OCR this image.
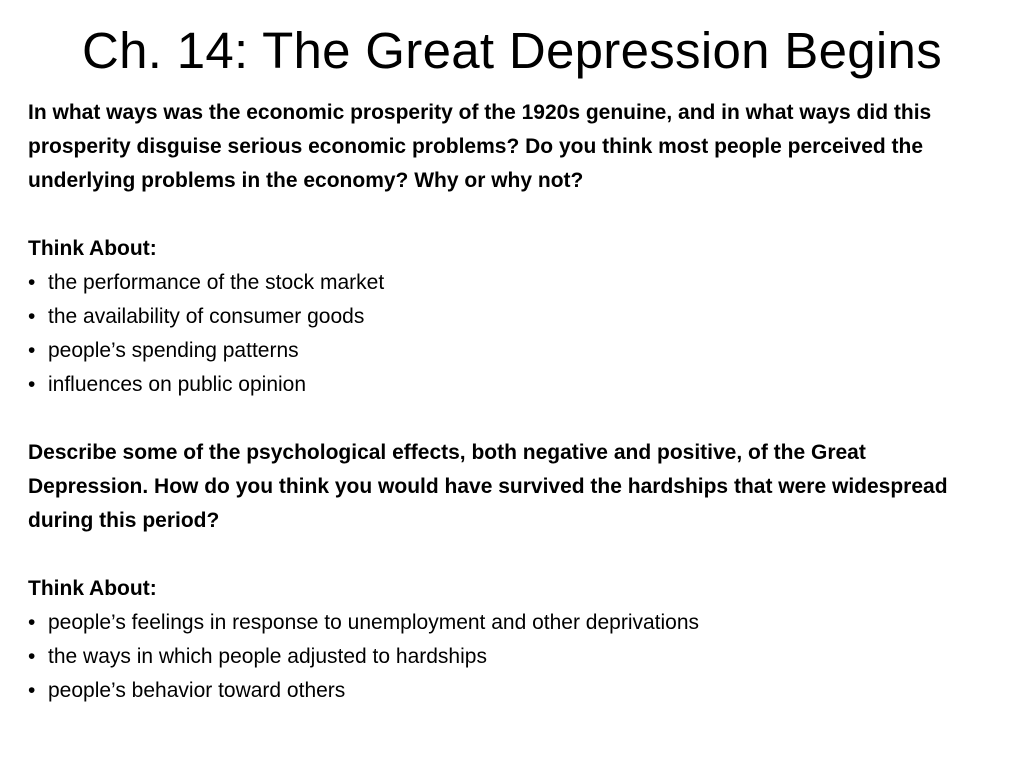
Ch. 14: The Great Depression Begins

In what ways was the economic prosperity of the 1920s genuine, and in what ways did this prosperity disguise serious economic problems? Do you think most people perceived the underlying problems in the economy? Why or why not?

Think About:

• the performance of the stock market
• the availability of consumer goods
• people’s spending patterns
• influences on public opinion

Describe some of the psychological effects, both negative and positive, of the Great Depression. How do you think you would have survived the hardships that were widespread during this period?

Think About:

• people’s feelings in response to unemployment and other deprivations
• the ways in which people adjusted to hardships
• people’s behavior toward others
